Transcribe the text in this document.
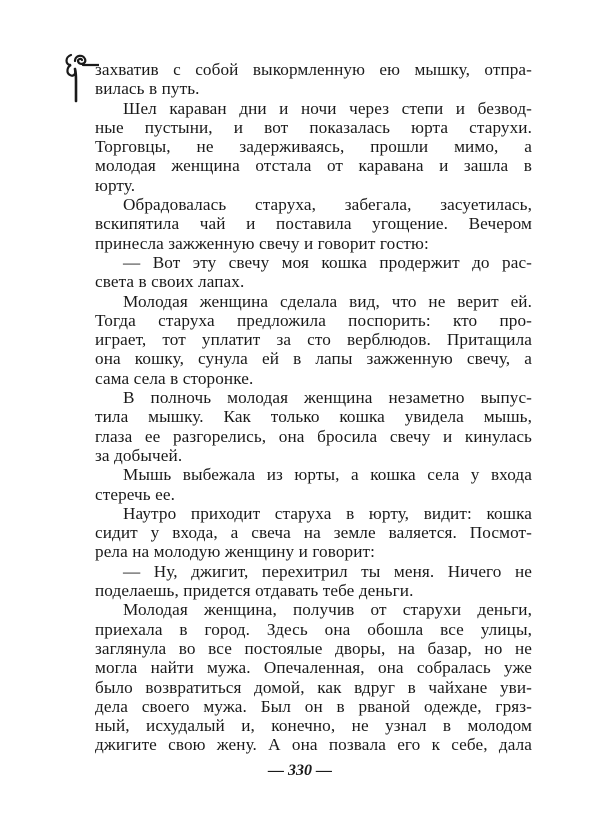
захватив с собой выкормленную ею мышку, отпра-
вилась в путь.
Шел караван дни и ночи через степи и безвод-
ные пустыни, и вот показалась юрта старухи.
Торговцы, не задерживаясь, прошли мимо, а
молодая женщина отстала от каравана и зашла в
юрту.
Обрадовалась старуха, забегала, засуетилась,
вскипятила чай и поставила угощение. Вечером
принесла зажженную свечу и говорит гостю:
— Вот эту свечу моя кошка продержит до рас-
света в своих лапах.
Молодая женщина сделала вид, что не верит ей.
Тогда старуха предложила поспорить: кто про-
играет, тот уплатит за сто верблюдов. Притащила
она кошку, сунула ей в лапы зажженную свечу, а
сама села в сторонке.
В полночь молодая женщина незаметно выпус-
тила мышку. Как только кошка увидела мышь,
глаза ее разгорелись, она бросила свечу и кинулась
за добычей.
Мышь выбежала из юрты, а кошка села у входа
стеречь ее.
Наутро приходит старуха в юрту, видит: кошка
сидит у входа, а свеча на земле валяется. Посмот-
рела на молодую женщину и говорит:
— Ну, джигит, перехитрил ты меня. Ничего не
поделаешь, придется отдавать тебе деньги.
Молодая женщина, получив от старухи деньги,
приехала в город. Здесь она обошла все улицы,
заглянула во все постоялые дворы, на базар, но не
могла найти мужа. Опечаленная, она собралась уже
было возвратиться домой, как вдруг в чайхане уви-
дела своего мужа. Был он в рваной одежде, гряз-
ный, исхудалый и, конечно, не узнал в молодом
джигите свою жену. А она позвала его к себе, дала
— 330 —
